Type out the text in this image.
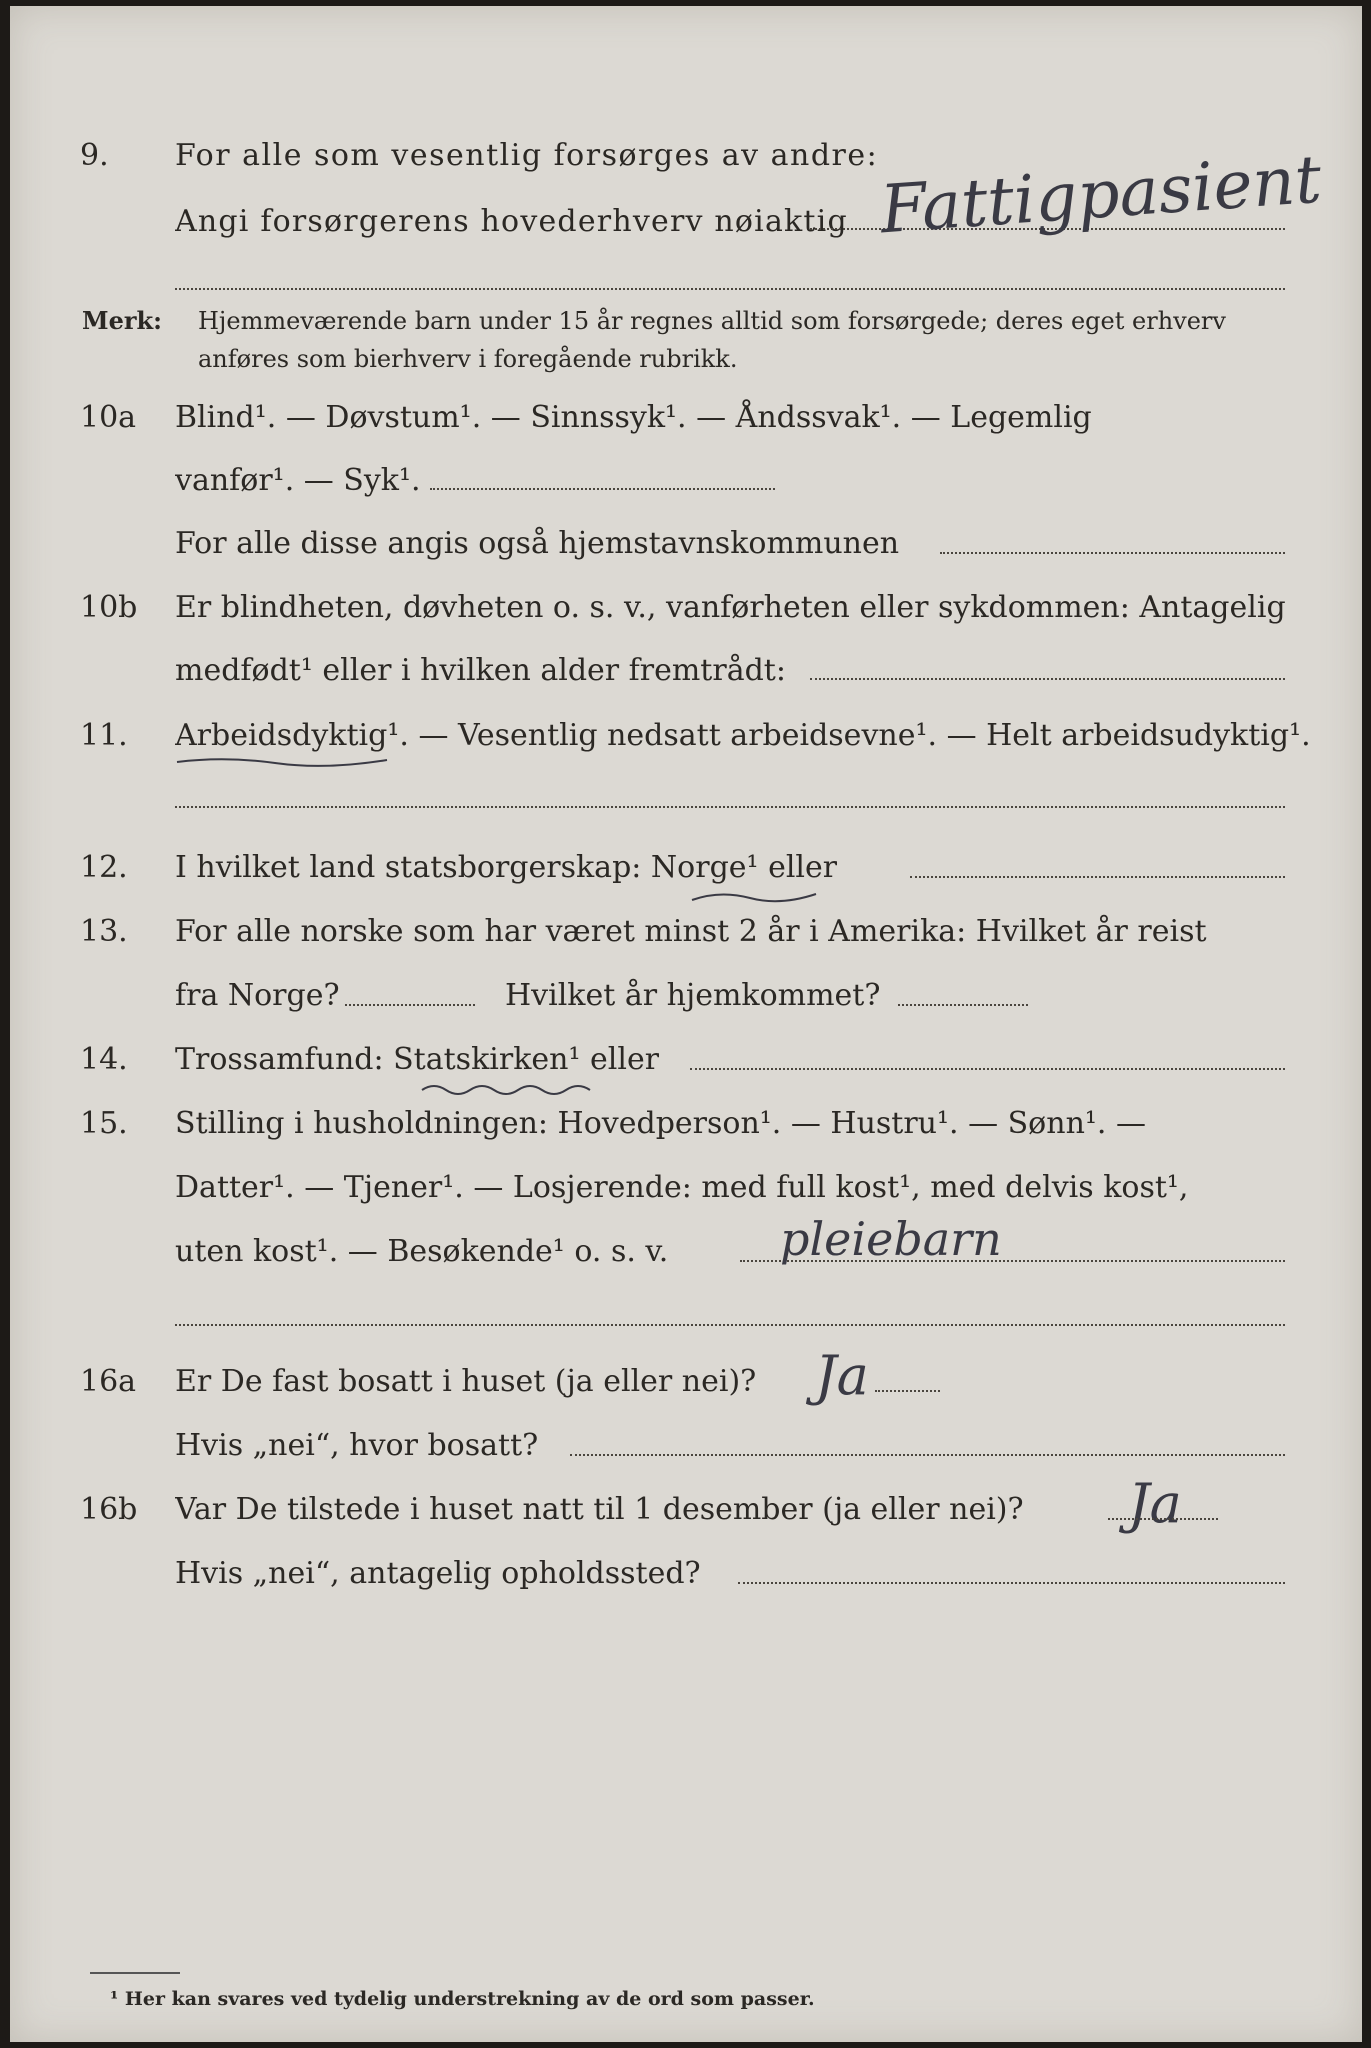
9. For alle som vesentlig forsørges av andre:
Angi forsørgerens hovederhverv nøiaktig Fattigpasient
Merk: Hjemmeværende barn under 15 år regnes alltid som forsørgede; deres eget erhverv
anføres som bierhverv i foregående rubrikk.
10a Blind¹. — Døvstum¹. — Sinnssyk¹. — Åndssvak¹. — Legemlig
vanfør¹. — Syk¹.
For alle disse angis også hjemstavnskommunen
10b Er blindheten, døvheten o. s. v., vanførheten eller sykdommen: Antagelig
medfødt¹ eller i hvilken alder fremtrådt:
11. Arbeidsdyktig¹. — Vesentlig nedsatt arbeidsevne¹. — Helt arbeidsudyktig¹.
12. I hvilket land statsborgerskap: Norge¹ eller
13. For alle norske som har været minst 2 år i Amerika: Hvilket år reist
fra Norge?	Hvilket år hjemkommet?
14. Trossamfund: Statskirken¹ eller
15. Stilling i husholdningen: Hovedperson¹. — Hustru¹. — Sønn¹. —
Datter¹. — Tjener¹. — Losjerende: med full kost¹, med delvis kost¹,
uten kost¹. — Besøkende¹ o. s. v. pleiebarn
16a Er De fast bosatt i huset (ja eller nei)? Ja
Hvis „nei“, hvor bosatt?
16b Var De tilstede i huset natt til 1 desember (ja eller nei)? Ja
Hvis „nei“, antagelig opholdssted?
¹ Her kan svares ved tydelig understrekning av de ord som passer.
